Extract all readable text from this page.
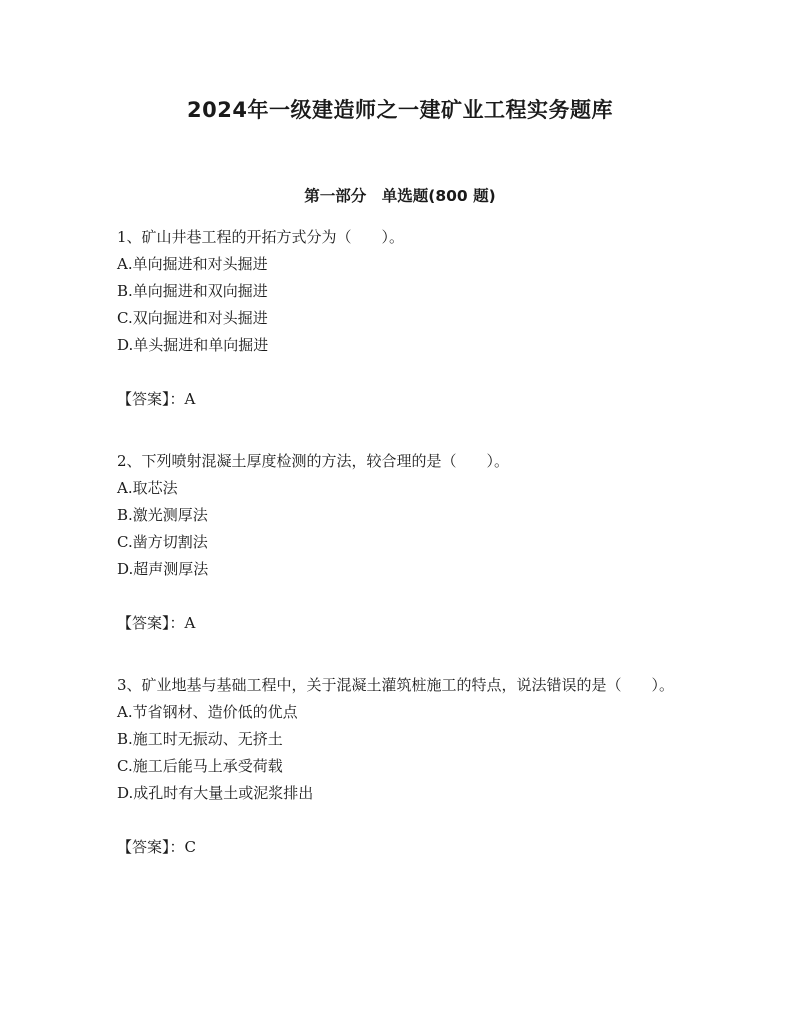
2024年一级建造师之一建矿业工程实务题库
第一部分　单选题(800 题)

1、矿山井巷工程的开拓方式分为（　　）。

A.单向掘进和对头掘进

B.单向掘进和双向掘进

C.双向掘进和对头掘进

D.单头掘进和单向掘进

【答案】：A

2、下列喷射混凝土厚度检测的方法，较合理的是（　　）。

A.取芯法

B.激光测厚法

C.凿方切割法

D.超声测厚法

【答案】：A

3、矿业地基与基础工程中，关于混凝土灌筑桩施工的特点，说法错误的是（　　）。

A.节省钢材、造价低的优点

B.施工时无振动、无挤土

C.施工后能马上承受荷载

D.成孔时有大量土或泥浆排出

【答案】：C
